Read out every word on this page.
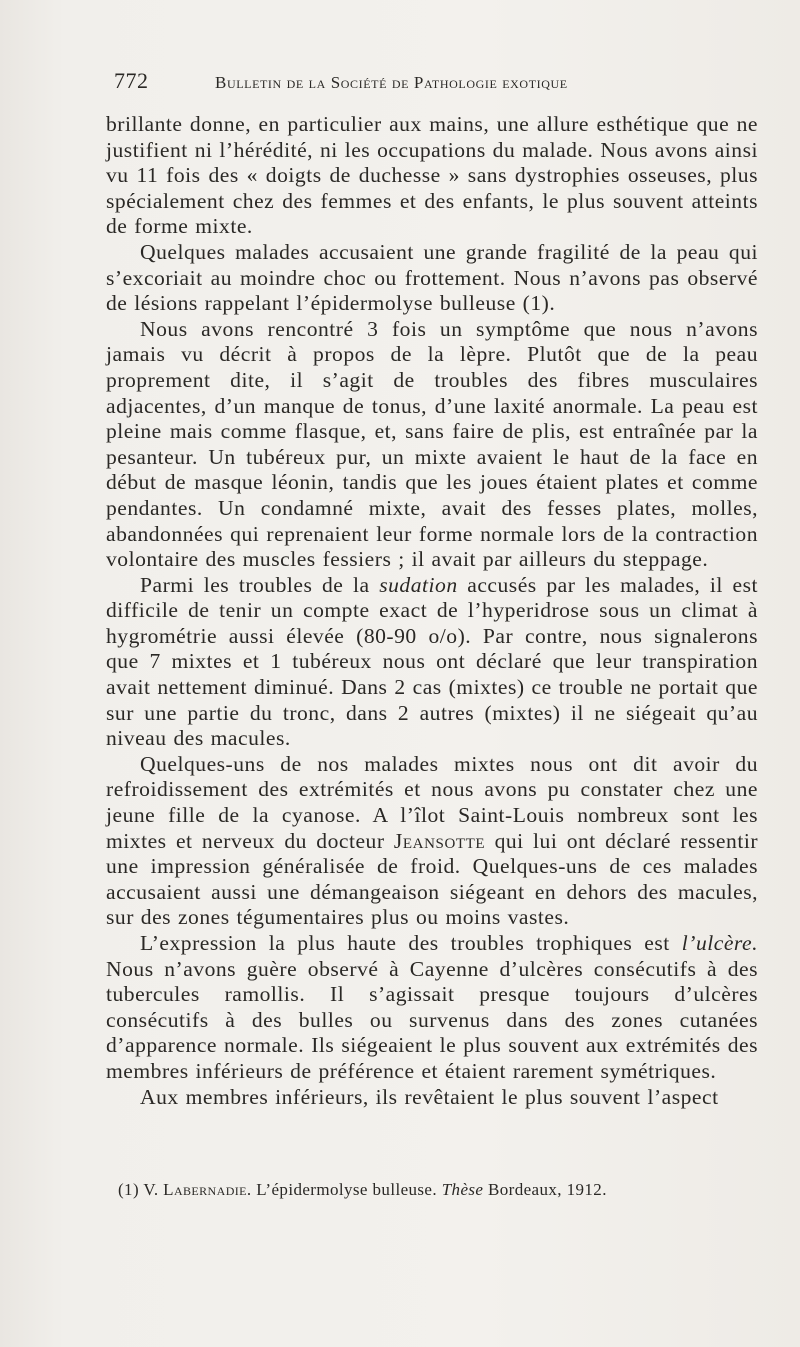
772	Bulletin de la Société de Pathologie exotique

brillante donne, en particulier aux mains, une allure esthétique que ne justifient ni l’hérédité, ni les occupations du malade. Nous avons ainsi vu 11 fois des « doigts de duchesse » sans dystrophies osseuses, plus spécialement chez des femmes et des enfants, le plus souvent atteints de forme mixte.

Quelques malades accusaient une grande fragilité de la peau qui s’excoriait au moindre choc ou frottement. Nous n’avons pas observé de lésions rappelant l’épidermolyse bulleuse (1).

Nous avons rencontré 3 fois un symptôme que nous n’avons jamais vu décrit à propos de la lèpre. Plutôt que de la peau proprement dite, il s’agit de troubles des fibres musculaires adjacentes, d’un manque de tonus, d’une laxité anormale. La peau est pleine mais comme flasque, et, sans faire de plis, est entraînée par la pesanteur. Un tubéreux pur, un mixte avaient le haut de la face en début de masque léonin, tandis que les joues étaient plates et comme pendantes. Un condamné mixte, avait des fesses plates, molles, abandonnées qui reprenaient leur forme normale lors de la contraction volontaire des muscles fessiers ; il avait par ailleurs du steppage.

Parmi les troubles de la sudation accusés par les malades, il est difficile de tenir un compte exact de l’hyperidrose sous un climat à hygrométrie aussi élevée (80-90 o/o). Par contre, nous signalerons que 7 mixtes et 1 tubéreux nous ont déclaré que leur transpiration avait nettement diminué. Dans 2 cas (mixtes) ce trouble ne portait que sur une partie du tronc, dans 2 autres (mixtes) il ne siégeait qu’au niveau des macules.

Quelques-uns de nos malades mixtes nous ont dit avoir du refroidissement des extrémités et nous avons pu constater chez une jeune fille de la cyanose. A l’îlot Saint-Louis nombreux sont les mixtes et nerveux du docteur Jeansotte qui lui ont déclaré ressentir une impression généralisée de froid. Quelques-uns de ces malades accusaient aussi une démangeaison siégeant en dehors des macules, sur des zones tégumentaires plus ou moins vastes.

L’expression la plus haute des troubles trophiques est l’ulcère. Nous n’avons guère observé à Cayenne d’ulcères consécutifs à des tubercules ramollis. Il s’agissait presque toujours d’ulcères consécutifs à des bulles ou survenus dans des zones cutanées d’apparence normale. Ils siégeaient le plus souvent aux extrémités des membres inférieurs de préférence et étaient rarement symétriques.

Aux membres inférieurs, ils revêtaient le plus souvent l’aspect

(1) V. Labernadie. L’épidermolyse bulleuse. Thèse Bordeaux, 1912.
